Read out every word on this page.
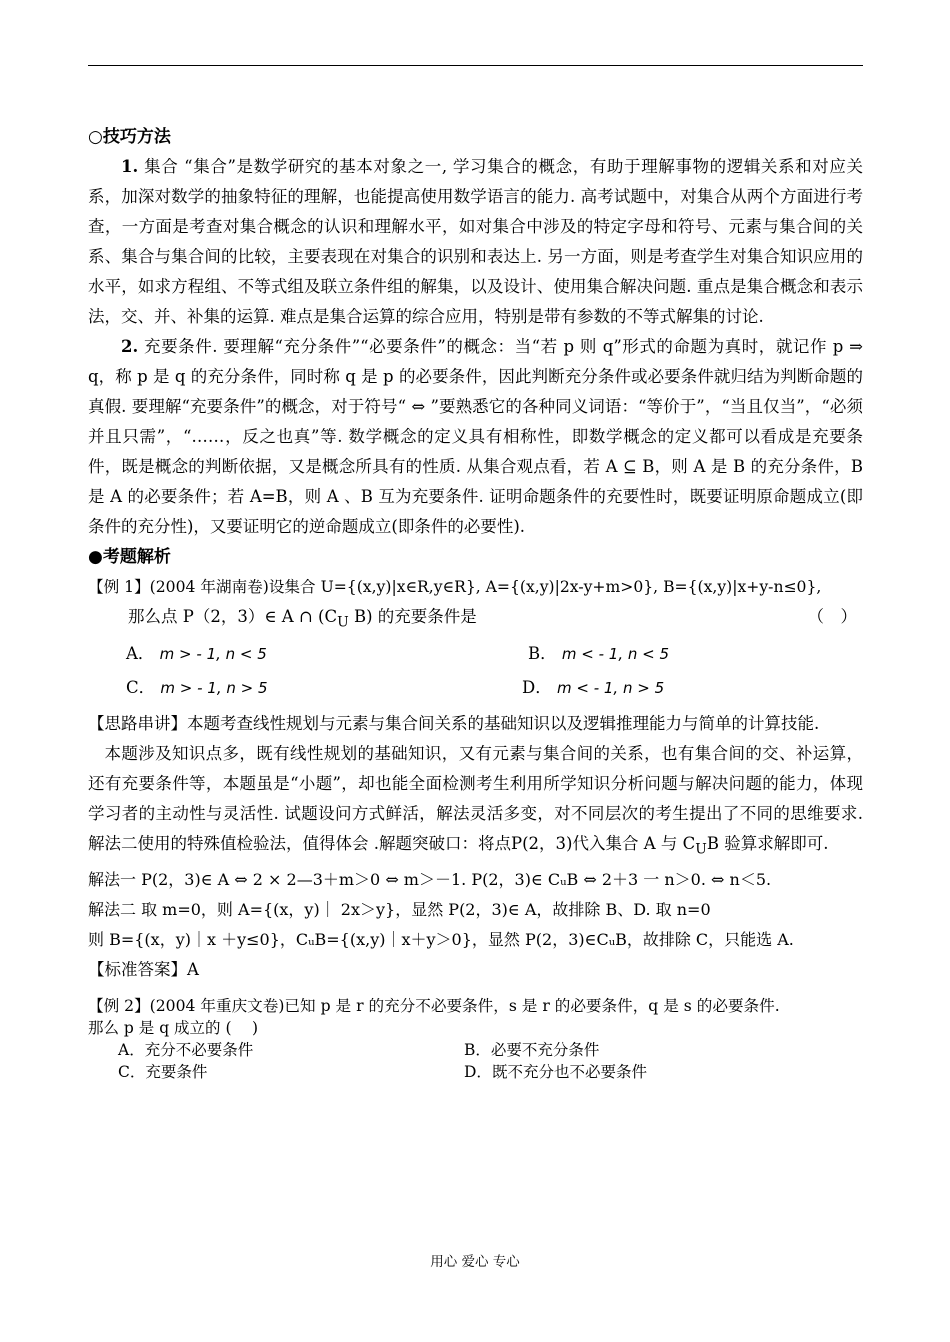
○技巧方法

1. 集合 “集合”是数学研究的基本对象之一, 学习集合的概念，有助于理解事物的逻辑关系和对应关系，加深对数学的抽象特征的理解，也能提高使用数学语言的能力. 高考试题中，对集合从两个方面进行考查，一方面是考查对集合概念的认识和理解水平，如对集合中涉及的特定字母和符号、元素与集合间的关系、集合与集合间的比较，主要表现在对集合的识别和表达上. 另一方面，则是考查学生对集合知识应用的水平，如求方程组、不等式组及联立条件组的解集，以及设计、使用集合解决问题. 重点是集合概念和表示法，交、并、补集的运算. 难点是集合运算的综合应用，特别是带有参数的不等式解集的讨论.

2. 充要条件. 要理解“充分条件”“必要条件”的概念：当“若 p 则 q”形式的命题为真时，就记作 p ⇒ q，称 p 是 q 的充分条件，同时称 q 是 p 的必要条件，因此判断充分条件或必要条件就归结为判断命题的真假. 要理解“充要条件”的概念，对于符号“ ⇔ ”要熟悉它的各种同义词语：“等价于”，“当且仅当”，“必须并且只需”，“……，反之也真”等. 数学概念的定义具有相称性，即数学概念的定义都可以看成是充要条件，既是概念的判断依据，又是概念所具有的性质. 从集合观点看，若 A ⊆ B，则 A 是 B 的充分条件，B 是 A 的必要条件；若 A=B，则 A 、B 互为充要条件. 证明命题条件的充要性时，既要证明原命题成立(即条件的充分性)，又要证明它的逆命题成立(即条件的必要性).

●考题解析

【例 1】(2004 年湖南卷)设集合 U={(x,y)|x∈R,y∈R}, A={(x,y)|2x-y+m>0}, B={(x,y)|x+y-n≤0},

那么点 P（2，3）∈ A ∩ ($C_U$ B) 的充要条件是	（　）

A． m > - 1, n < 5	B． m < - 1, n < 5
C． m > - 1, n > 5	D． m < - 1, n > 5

【思路串讲】本题考查线性规划与元素与集合间关系的基础知识以及逻辑推理能力与简单的计算技能.

本题涉及知识点多，既有线性规划的基础知识，又有元素与集合间的关系，也有集合间的交、补运算，还有充要条件等，本题虽是“小题”，却也能全面检测考生利用所学知识分析问题与解决问题的能力，体现学习者的主动性与灵活性. 试题设问方式鲜活，解法灵活多变，对不同层次的考生提出了不同的思维要求. 解法二使用的特殊值检验法，值得体会 .解题突破口：将点P(2，3)代入集合 A 与 $C_UB$ 验算求解即可.

解法一 P(2，3)∈ A ⇔ 2 × 2—3＋m＞0 ⇔ m＞－1. P(2，3)∈ CᵤB ⇔ 2＋3 一 n＞0. ⇔ n＜5.

解法二 取 m=0，则 A={(x，y)｜ 2x＞y}，显然 P(2，3)∈ A，故排除 B、D. 取 n=0

则 B={(x，y)｜x ＋y≤0}，CᵤB={(x,y)｜x＋y＞0}，显然 P(2，3)∈CᵤB，故排除 C，只能选 A.

【标准答案】A

【例 2】(2004 年重庆文卷)已知 p 是 r 的充分不必要条件，s 是 r 的必要条件，q 是 s 的必要条件.

那么 p 是 q 成立的 (　 )

A．充分不必要条件	B．必要不充分条件
C．充要条件	D．既不充分也不必要条件
用心 爱心 专心
